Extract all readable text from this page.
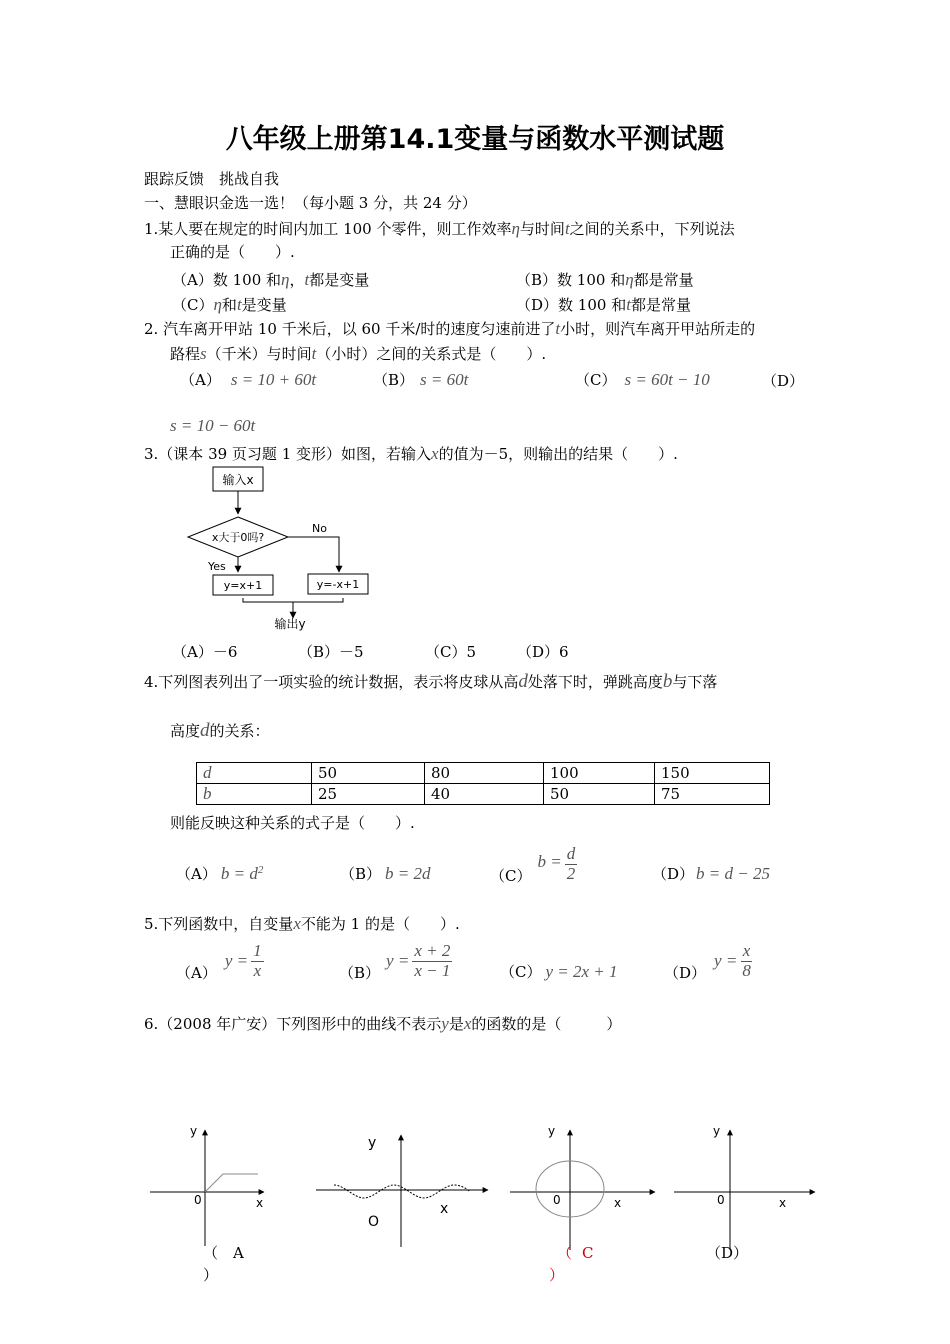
八年级上册第14.1变量与函数水平测试题
跟踪反馈　挑战自我
一、慧眼识金选一选！（每小题 3 分，共 24 分）
1.某人要在规定的时间内加工 100 个零件，则工作效率η与时间t之间的关系中，下列说法
正确的是（　　）.
（A）数 100 和η，t都是变量	（B）数 100 和η都是常量
（C）η和t是变量	（D）数 100 和t都是常量
2. 汽车离开甲站 10 千米后，以 60 千米/时的速度匀速前进了t小时，则汽车离开甲站所走的
路程s（千米）与时间t（小时）之间的关系式是（　　）.
（A） s = 10 + 60t	（B） s = 60t	（C） s = 60t − 10	（D）
s = 10 − 60t
3.（课本 39 页习题 1 变形）如图，若输入x的值为－5，则输出的结果（　　）.
输入x
x大于0吗?
No
Yes
y=x+1	y=-x+1
输出y
（A）－6	（B）－5	（C）5	（D）6
4.下列图表列出了一项实验的统计数据，表示将皮球从高d处落下时，弹跳高度b与下落
高度d的关系：
d	50	80	100	150
b	25	40	50	75
则能反映这种关系的式子是（　　）.
（A） $b = d^2$	（B） b = 2d	（C）
$b = \frac{d}{2}$	（D） b = d − 25
5.下列函数中，自变量x不能为 1 的是（　　）.
（A）
$y = \frac{1}{x}$	（B）
$y = \frac{x + 2}{x - 1}$	（C） y = 2x + 1	（D）
$y = \frac{x}{8}$
6.（2008 年广安）下列图形中的曲线不表示y是x的函数的是（　　　）
y
0	x
y
O
x
y
0	x
y
0	x
（　A
）
（ C
）
（D）
